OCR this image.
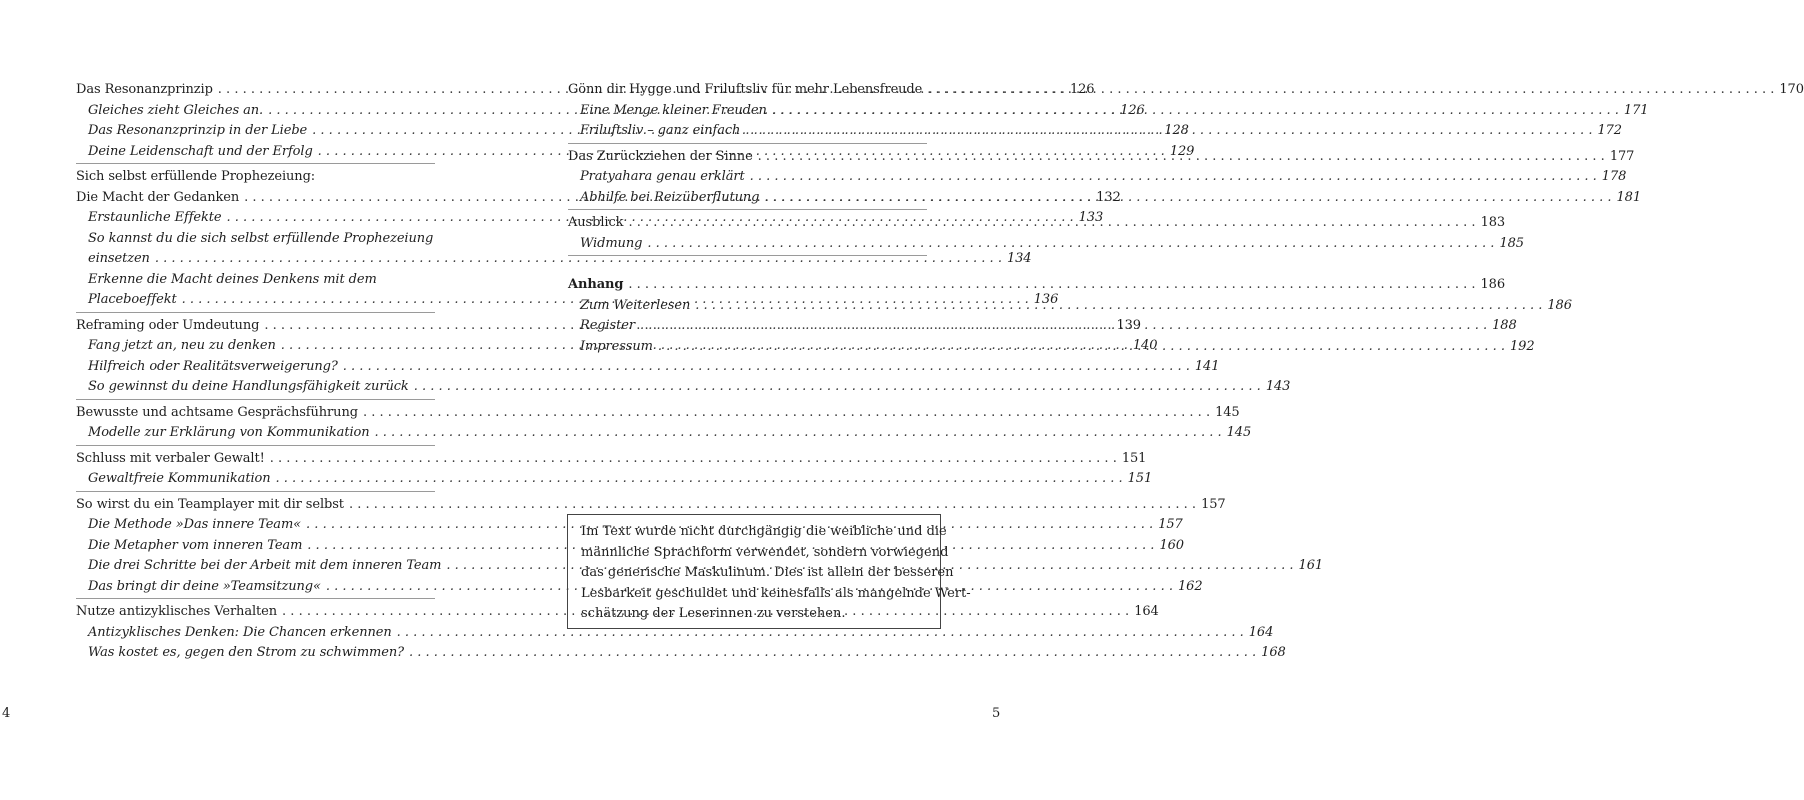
Das Resonanzprinzip . . .	126
Gleiches zieht Gleiches an. . . .	126
Das Resonanzprinzip in der Liebe . . .	128
Deine Leidenschaft und der Erfolg . . .	129
Sich selbst erfüllende Prophezeiung:
Die Macht der Gedanken . . .	132
Erstaunliche Effekte . . .	133
So kannst du die sich selbst erfüllende Prophezeiung
einsetzen . . .	134
Erkenne die Macht deines Denkens mit dem
Placeboeffekt . . .	136
Reframing oder Umdeutung . . .	139
Fang jetzt an, neu zu denken . . .	140
Hilfreich oder Realitätsverweigerung? . . .	141
So gewinnst du deine Handlungsfähigkeit zurück . . .	143
Bewusste und achtsame Gesprächsführung . . .	145
Modelle zur Erklärung von Kommunikation . . .	145
Schluss mit verbaler Gewalt! . . .	151
Gewaltfreie Kommunikation . . .	151
So wirst du ein Teamplayer mit dir selbst . . .	157
Die Methode »Das innere Team« . . .	157
Die Metapher vom inneren Team . . .	160
Die drei Schritte bei der Arbeit mit dem inneren Team . . .	161
Das bringt dir deine »Teamsitzung« . . .	162
Nutze antizyklisches Verhalten . . .	164
Antizyklisches Denken: Die Chancen erkennen . . .	164
Was kostet es, gegen den Strom zu schwimmen? . . .	168
4
Gönn dir Hygge und Friluftsliv für mehr Lebensfreude . . .	170
Eine Menge kleiner Freuden . . .	171
Friluftsliv – ganz einfach . . .	172
Das Zurückziehen der Sinne . . .	177
Pratyahara genau erklärt . . .	178
Abhilfe bei Reizüberflutung . . .	181
Ausblick . . .	183
Widmung . . .	185
Anhang . . .	186
Zum Weiterlesen . . .	186
Register . . .	188
Impressum . . .	192
5
Im Text wurde nicht durchgängig die weibliche und die
männliche Sprachform verwendet, sondern vorwiegend
das generische Maskulinum. Dies ist allein der besseren
Lesbarkeit geschuldet und keinesfalls als mangelnde Wert-
schätzung der Leserinnen zu verstehen.
